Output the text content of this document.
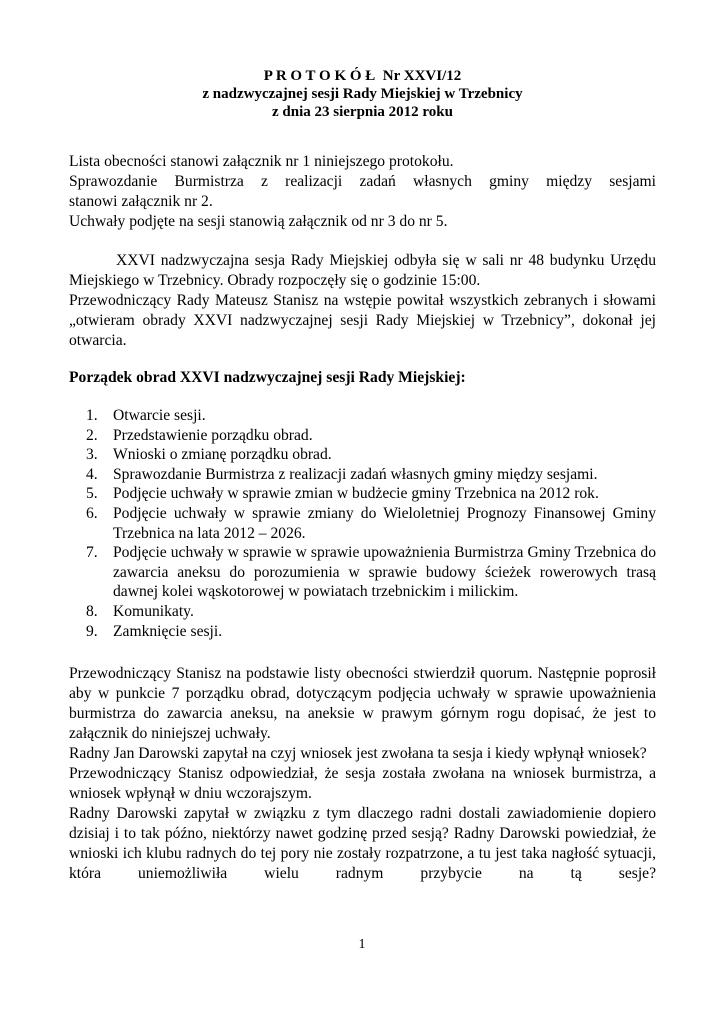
P R O T O K Ó Ł  Nr XXVI/12
z nadzwyczajnej sesji Rady Miejskiej w Trzebnicy
z dnia 23 sierpnia 2012 roku

Lista obecności stanowi załącznik nr 1 niniejszego protokołu.

Sprawozdanie Burmistrza z realizacji zadań własnych gminy między sesjami

stanowi załącznik nr 2.

Uchwały podjęte na sesji stanowią załącznik od nr 3 do nr 5.

XXVI nadzwyczajna sesja Rady Miejskiej odbyła się w sali nr 48 budynku Urzędu Miejskiego w Trzebnicy. Obrady rozpoczęły się o godzinie 15:00.

Przewodniczący Rady Mateusz Stanisz na wstępie powitał wszystkich zebranych i słowami „otwieram obrady XXVI nadzwyczajnej sesji Rady Miejskiej w Trzebnicy”, dokonał jej otwarcia.

Porządek obrad XXVI nadzwyczajnej sesji Rady Miejskiej:

1. Otwarcie sesji.
2. Przedstawienie porządku obrad.
3. Wnioski o zmianę porządku obrad.
4. Sprawozdanie Burmistrza z realizacji zadań własnych gminy między sesjami.
5. Podjęcie uchwały w sprawie zmian w budżecie gminy Trzebnica na 2012 rok.
6. Podjęcie uchwały w sprawie zmiany do Wieloletniej Prognozy Finansowej Gminy Trzebnica na lata 2012 – 2026.
7. Podjęcie uchwały w sprawie w sprawie upoważnienia Burmistrza Gminy Trzebnica do zawarcia aneksu do porozumienia w sprawie budowy ścieżek rowerowych trasą dawnej kolei wąskotorowej w powiatach trzebnickim i milickim.
8. Komunikaty.
9. Zamknięcie sesji.

Przewodniczący Stanisz na podstawie listy obecności stwierdził quorum. Następnie poprosił aby w punkcie 7 porządku obrad, dotyczącym podjęcia uchwały w sprawie upoważnienia burmistrza do zawarcia aneksu, na aneksie w prawym górnym rogu dopisać, że jest to załącznik do niniejszej uchwały.

Radny Jan Darowski zapytał na czyj wniosek jest zwołana ta sesja i kiedy wpłynął wniosek?

Przewodniczący Stanisz odpowiedział, że sesja została zwołana na wniosek burmistrza, a wniosek wpłynął w dniu wczorajszym.

Radny Darowski zapytał w związku z tym dlaczego radni dostali zawiadomienie dopiero dzisiaj i to tak późno, niektórzy nawet godzinę przed sesją? Radny Darowski powiedział, że wnioski ich klubu radnych do tej pory nie zostały rozpatrzone, a tu jest taka nagłość sytuacji, która uniemożliwiła wielu radnym przybycie na tą sesje?

1
